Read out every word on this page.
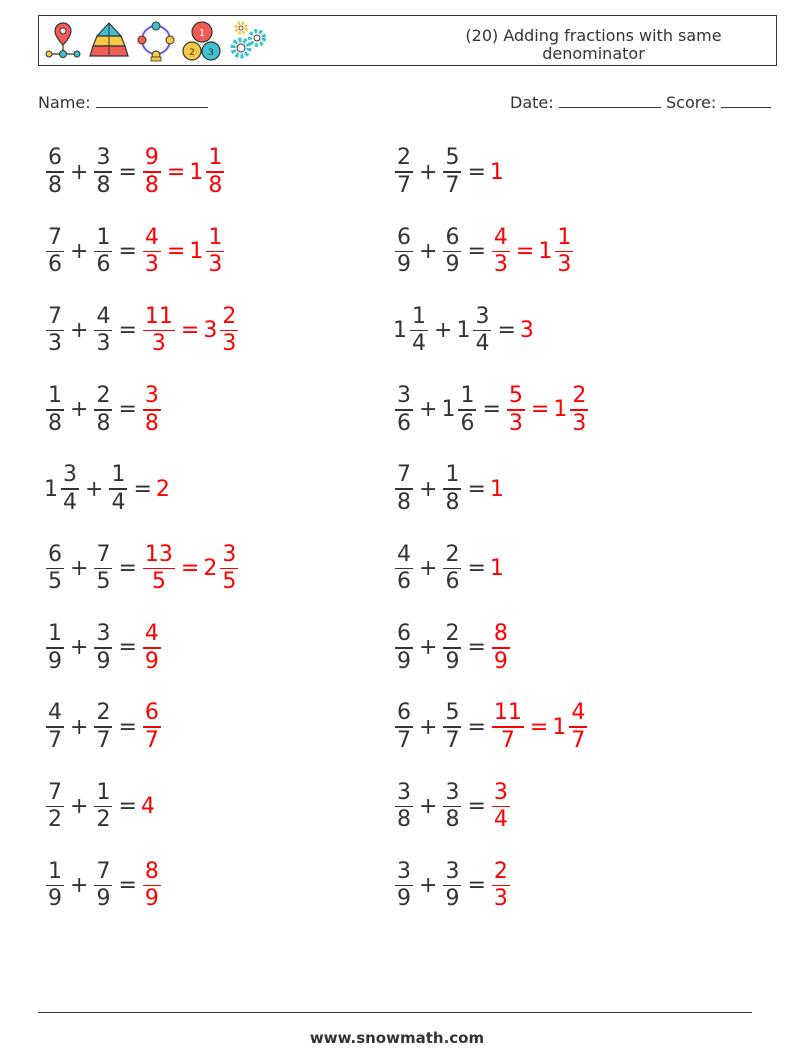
1
2 3
(20) Adding fractions with same
denominator
Name:	Date:	Score:
$\frac{6}{8} + \frac{3}{8} = \frac{9}{8} = 1 \frac{1}{8}$	$\frac{2}{7} + \frac{5}{7} = 1$
$\frac{7}{6} + \frac{1}{6} = \frac{4}{3} = 1 \frac{1}{3}$	$\frac{6}{9} + \frac{6}{9} = \frac{4}{3} = 1 \frac{1}{3}$
$\frac{7}{3} + \frac{4}{3} = \frac{11}{3} = 3 \frac{2}{3}$	$1 \frac{1}{4} + 1 \frac{3}{4} = 3$
$\frac{1}{8} + \frac{2}{8} = \frac{3}{8}$	$\frac{3}{6} + 1 \frac{1}{6} = \frac{5}{3} = 1 \frac{2}{3}$
$1 \frac{3}{4} + \frac{1}{4} = 2$	$\frac{7}{8} + \frac{1}{8} = 1$
$\frac{6}{5} + \frac{7}{5} = \frac{13}{5} = 2 \frac{3}{5}$	$\frac{4}{6} + \frac{2}{6} = 1$
$\frac{1}{9} + \frac{3}{9} = \frac{4}{9}$	$\frac{6}{9} + \frac{2}{9} = \frac{8}{9}$
$\frac{4}{7} + \frac{2}{7} = \frac{6}{7}$	$\frac{6}{7} + \frac{5}{7} = \frac{11}{7} = 1 \frac{4}{7}$
$\frac{7}{2} + \frac{1}{2} = 4$	$\frac{3}{8} + \frac{3}{8} = \frac{3}{4}$
$\frac{1}{9} + \frac{7}{9} = \frac{8}{9}$	$\frac{3}{9} + \frac{3}{9} = \frac{2}{3}$
www.snowmath.com
